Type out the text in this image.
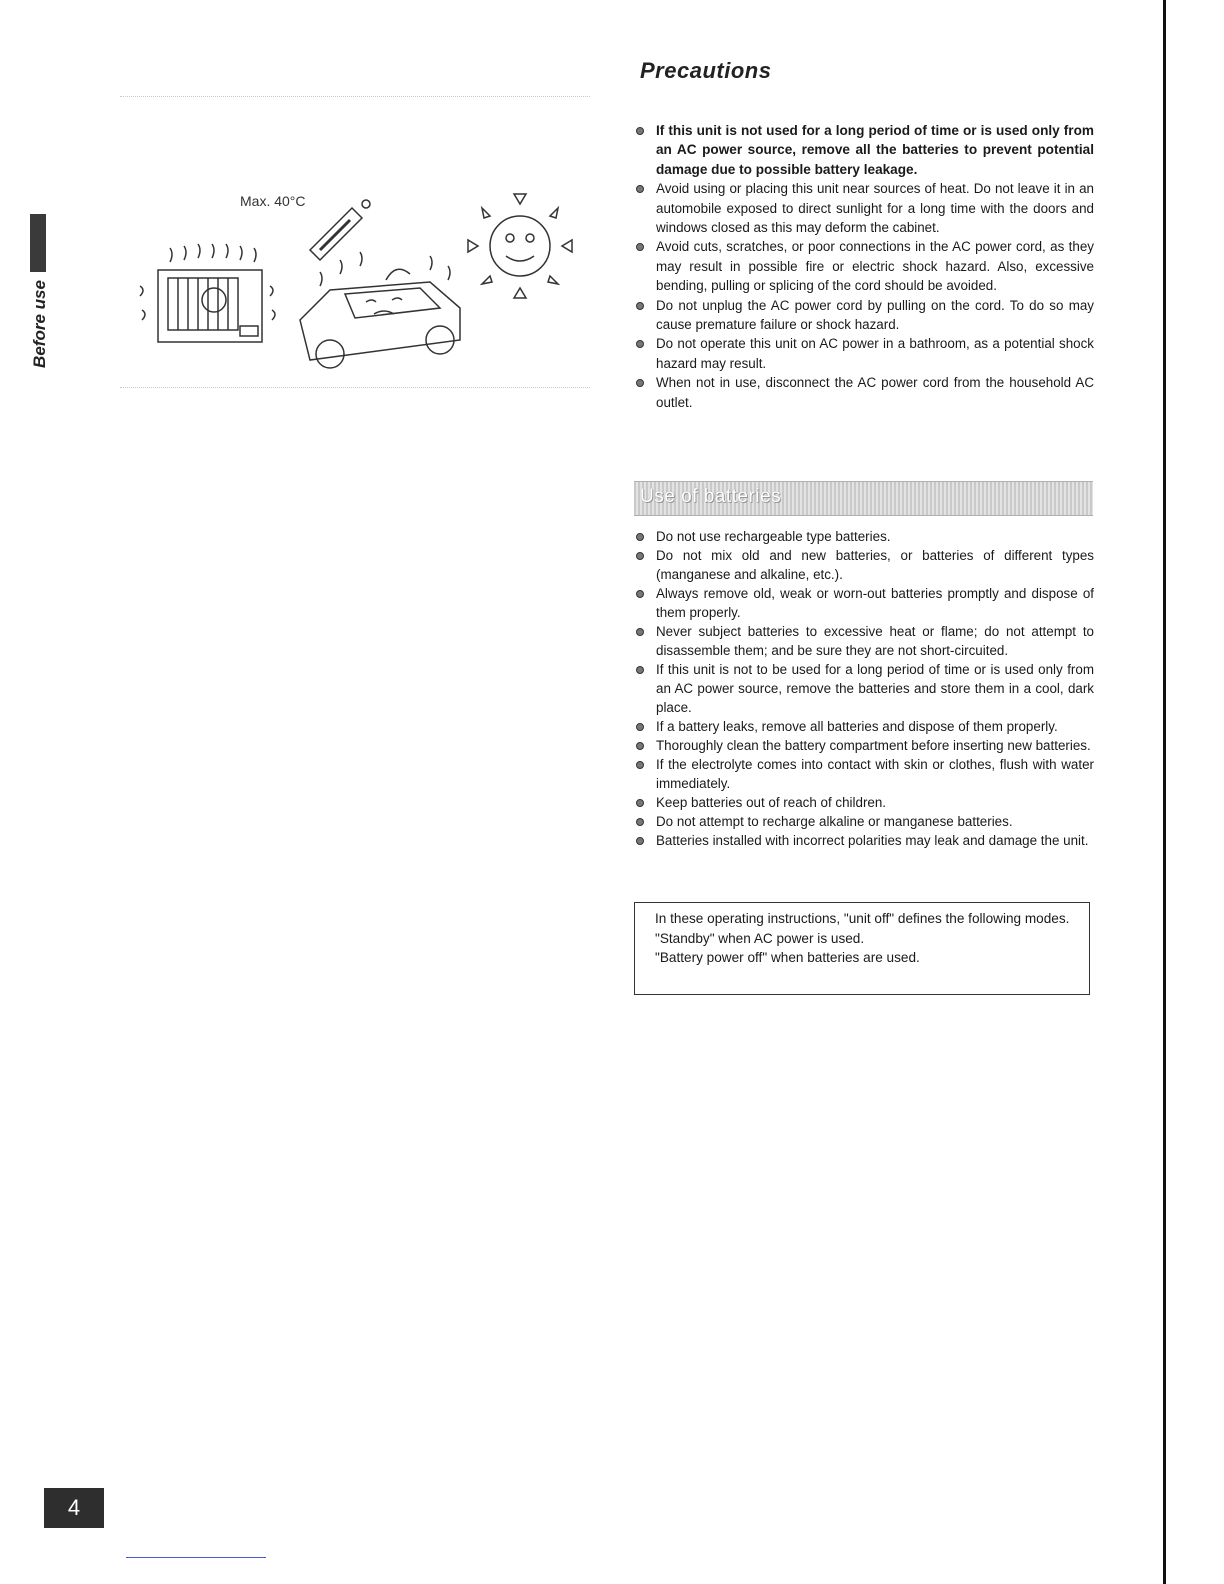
Before use
Max. 40°C
4
Precautions
If this unit is not used for a long period of time or is used only from an AC power source, remove all the batteries to prevent potential damage due to possible battery leakage.
Avoid using or placing this unit near sources of heat. Do not leave it in an automobile exposed to direct sunlight for a long time with the doors and windows closed as this may deform the cabinet.
Avoid cuts, scratches, or poor connections in the AC power cord, as they may result in possible fire or electric shock hazard. Also, excessive bending, pulling or splicing of the cord should be avoided.
Do not unplug the AC power cord by pulling on the cord. To do so may cause premature failure or shock hazard.
Do not operate this unit on AC power in a bathroom, as a potential shock hazard may result.
When not in use, disconnect the AC power cord from the household AC outlet.
Use of batteries
Do not use rechargeable type batteries.
Do not mix old and new batteries, or batteries of different types (manganese and alkaline, etc.).
Always remove old, weak or worn-out batteries promptly and dispose of them properly.
Never subject batteries to excessive heat or flame; do not attempt to disassemble them; and be sure they are not short-circuited.
If this unit is not to be used for a long period of time or is used only from an AC power source, remove the batteries and store them in a cool, dark place.
If a battery leaks, remove all batteries and dispose of them properly.
Thoroughly clean the battery compartment before inserting new batteries.
If the electrolyte comes into contact with skin or clothes, flush with water immediately.
Keep batteries out of reach of children.
Do not attempt to recharge alkaline or manganese batteries.
Batteries installed with incorrect polarities may leak and damage the unit.
In these operating instructions, "unit off" defines the following modes.
"Standby" when AC power is used.
"Battery power off" when batteries are used.
